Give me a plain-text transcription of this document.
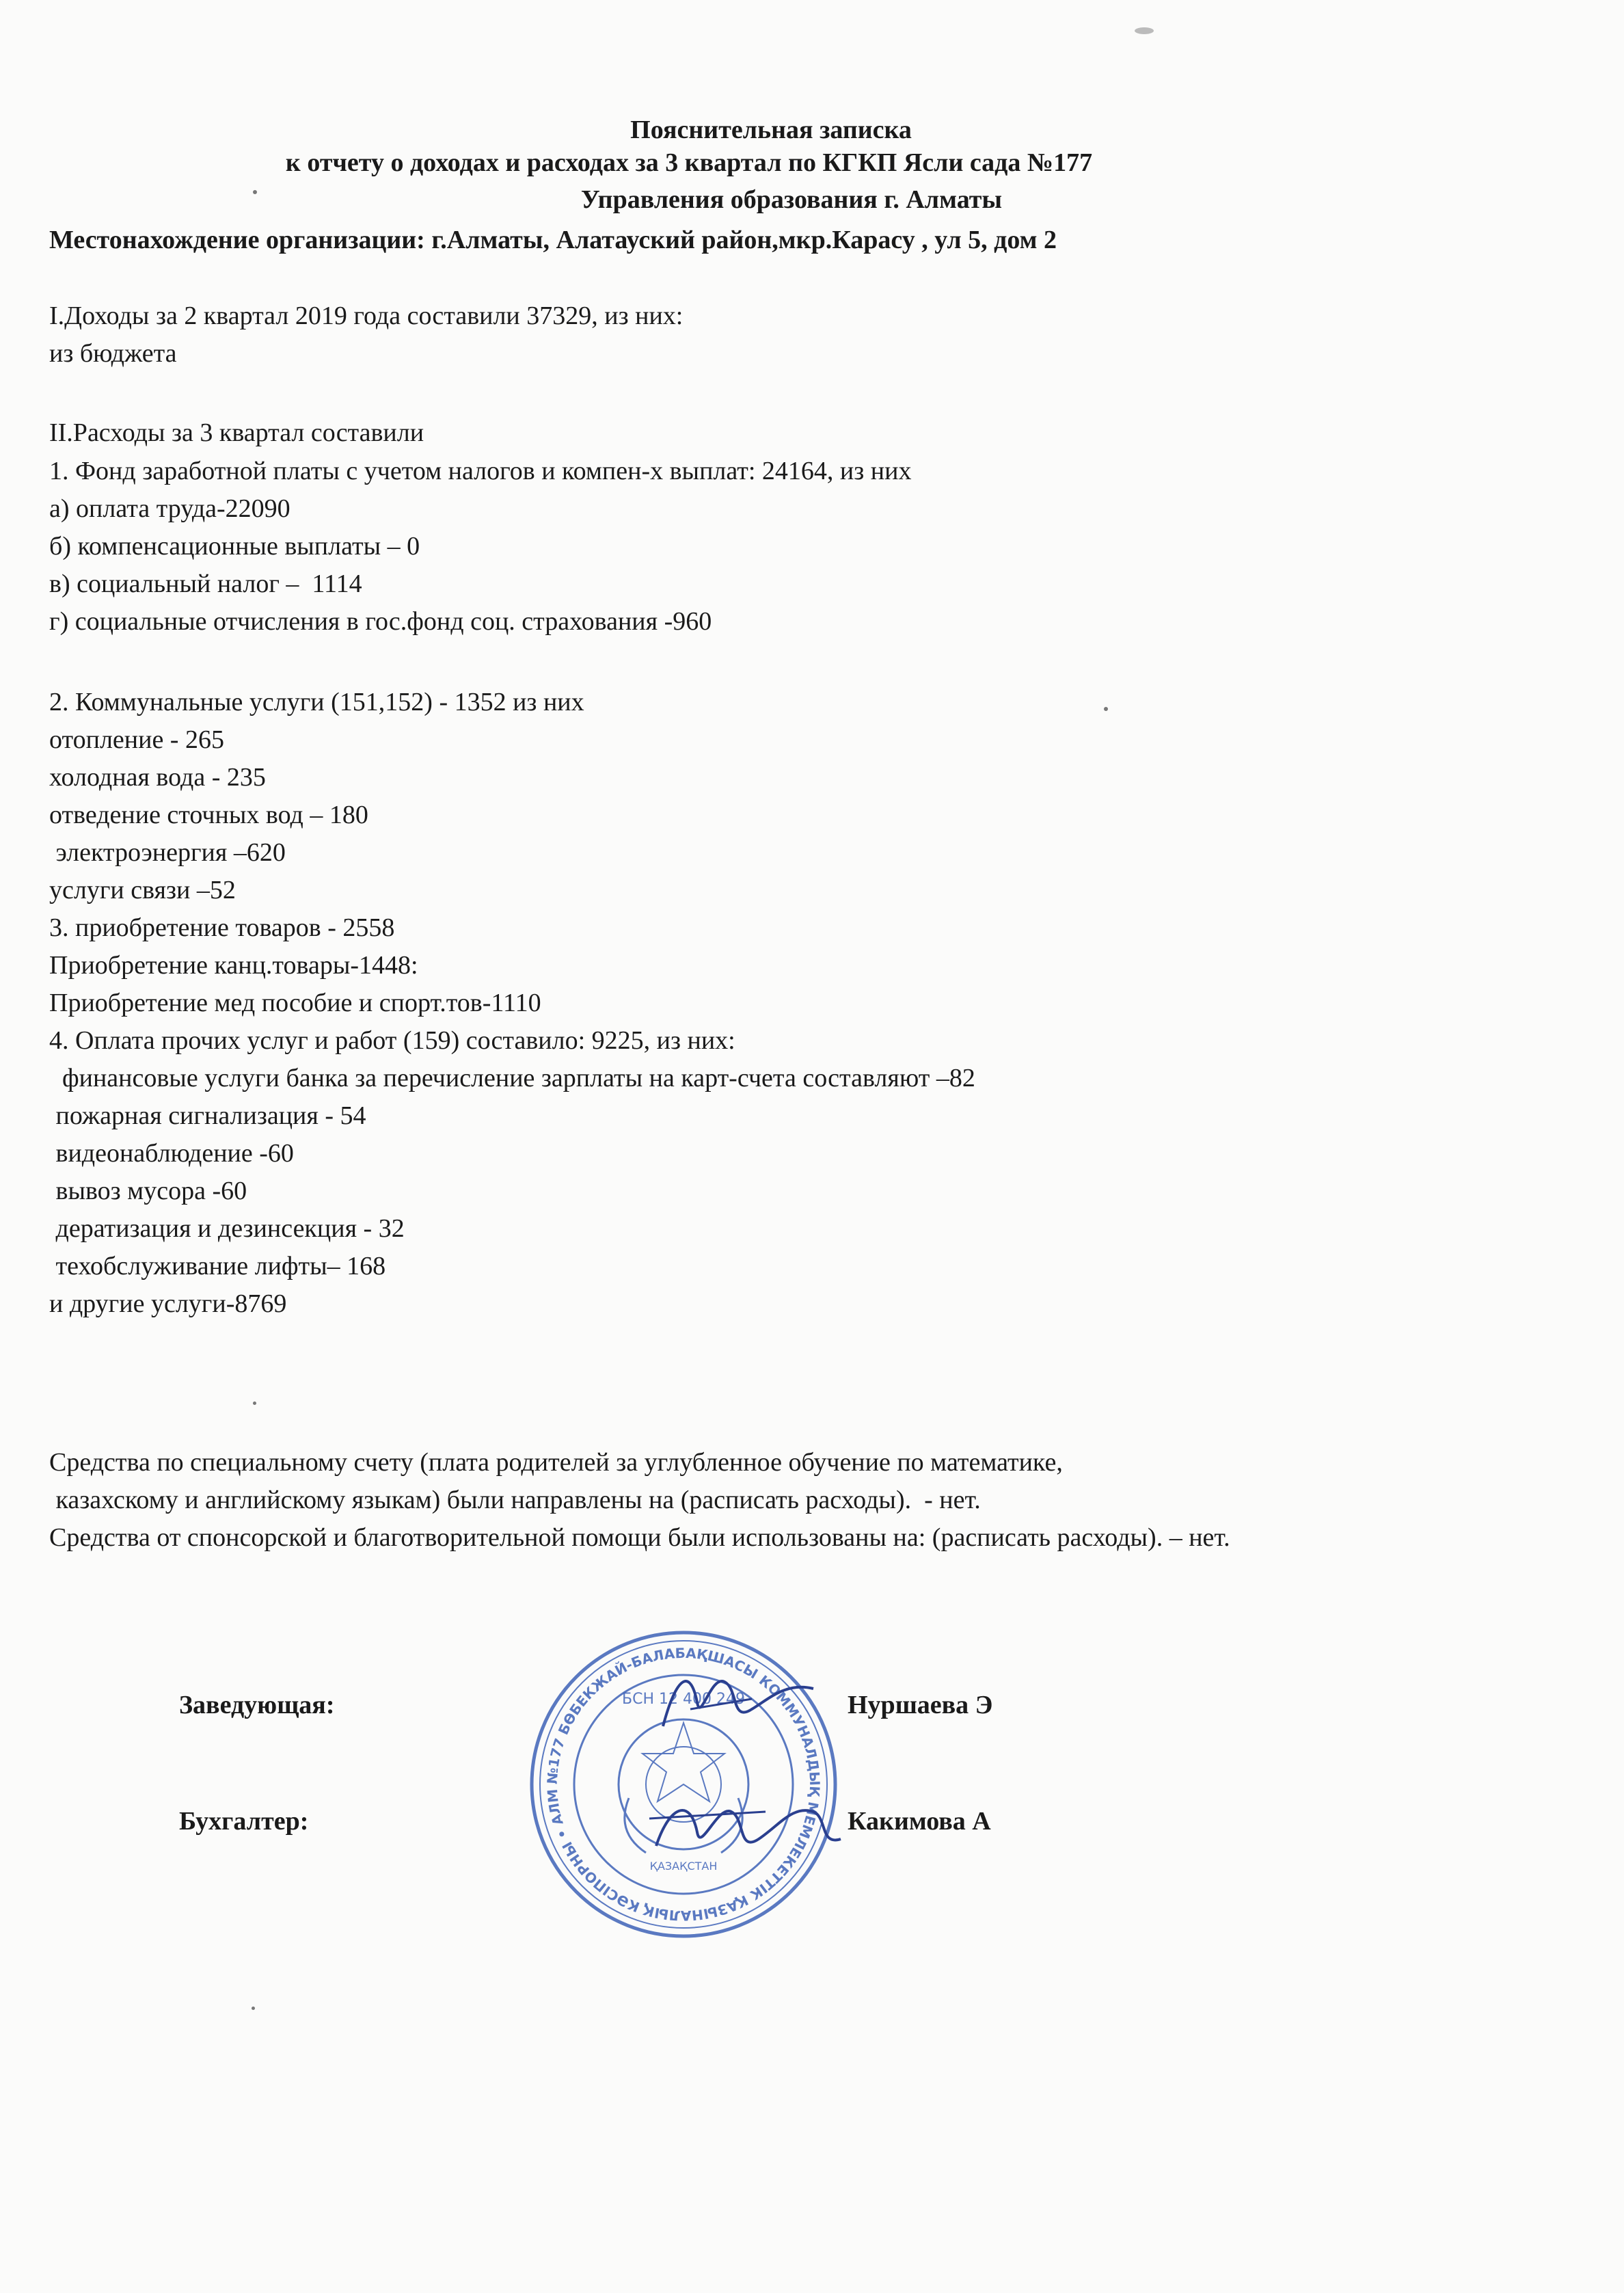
Пояснительная записка
к отчету о доходах и расходах за 3 квартал по КГКП Ясли сада №177
Управления образования г. Алматы
Местонахождение организации: г.Алматы, Алатауский район,мкр.Карасу , ул 5, дом 2
I.Доходы за 2 квартал 2019 года составили 37329, из них:
из бюджета
II.Расходы за 3 квартал составили
1. Фонд заработной платы с учетом налогов и компен-х выплат: 24164, из них
а) оплата труда-22090
б) компенсационные выплаты – 0
в) социальный налог –  1114
г) социальные отчисления в гос.фонд соц. страхования -960
2. Коммунальные услуги (151,152) - 1352 из них
отопление - 265
холодная вода - 235
отведение сточных вод – 180
электроэнергия –620
услуги связи –52
3. приобретение товаров - 2558
Приобретение канц.товары-1448:
Приобретение мед пособие и спорт.тов-1110
4. Оплата прочих услуг и работ (159) составило: 9225, из них:
финансовые услуги банка за перечисление зарплаты на карт-счета составляют –82
пожарная сигнализация - 54
видеонаблюдение -60
вывоз мусора -60
дератизация и дезинсекция - 32
техобслуживание лифты– 168
и другие услуги-8769
Средства по специальному счету (плата родителей за углубленное обучение по математике,
казахскому и английскому языкам) были направлены на (расписать расходы).  - нет.
Средства от спонсорской и благотворительной помощи были использованы на: (расписать расходы). – нет.
Заведующая:	Нуршаева Э
Бухгалтер:	Какимова А
№177 БӨБЕКЖАЙ-БАЛАБАҚШАСЫ КОММУНАЛДЫҚ МЕМЛЕКЕТТІК ҚАЗЫНАЛЫҚ КӘСІПОРНЫ • АЛМ
БСН 12 400 249
ҚАЗАҚСТАН
